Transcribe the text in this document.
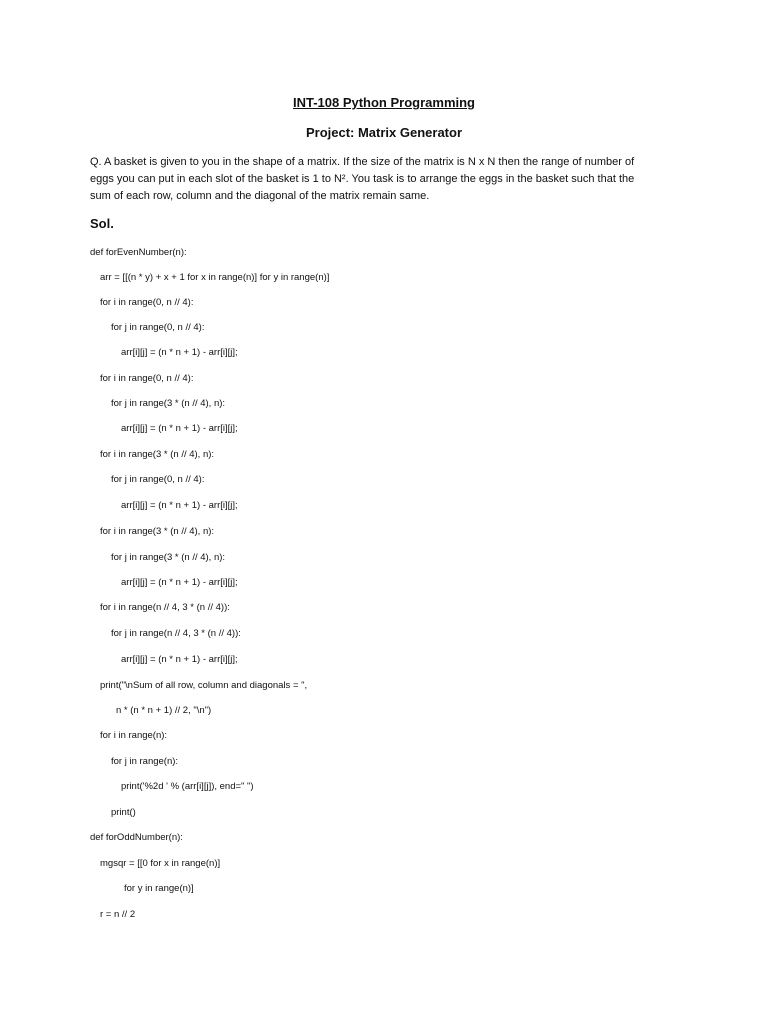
INT-108 Python Programming
Project: Matrix Generator

Q. A basket is given to you in the shape of a matrix. If the size of the matrix is N x N then the range of number of

eggs you can put in each slot of the basket is 1 to N². You task is to arrange the eggs in the basket such that the

sum of each row, column and the diagonal of the matrix remain same.

Sol.
def forEvenNumber(n):
arr = [[(n * y) + x + 1 for x in range(n)] for y in range(n)]
for i in range(0, n // 4):
for j in range(0, n // 4):
arr[i][j] = (n * n + 1) - arr[i][j];
for i in range(0, n // 4):
for j in range(3 * (n // 4), n):
arr[i][j] = (n * n + 1) - arr[i][j];
for i in range(3 * (n // 4), n):
for j in range(0, n // 4):
arr[i][j] = (n * n + 1) - arr[i][j];
for i in range(3 * (n // 4), n):
for j in range(3 * (n // 4), n):
arr[i][j] = (n * n + 1) - arr[i][j];
for i in range(n // 4, 3 * (n // 4)):
for j in range(n // 4, 3 * (n // 4)):
arr[i][j] = (n * n + 1) - arr[i][j];
print("\nSum of all row, column and diagonals = ",
n * (n * n + 1) // 2, "\n")
for i in range(n):
for j in range(n):
print('%2d ' % (arr[i][j]), end=" ")
print()
def forOddNumber(n):
mgsqr = [[0 for x in range(n)]
for y in range(n)]
r = n // 2
